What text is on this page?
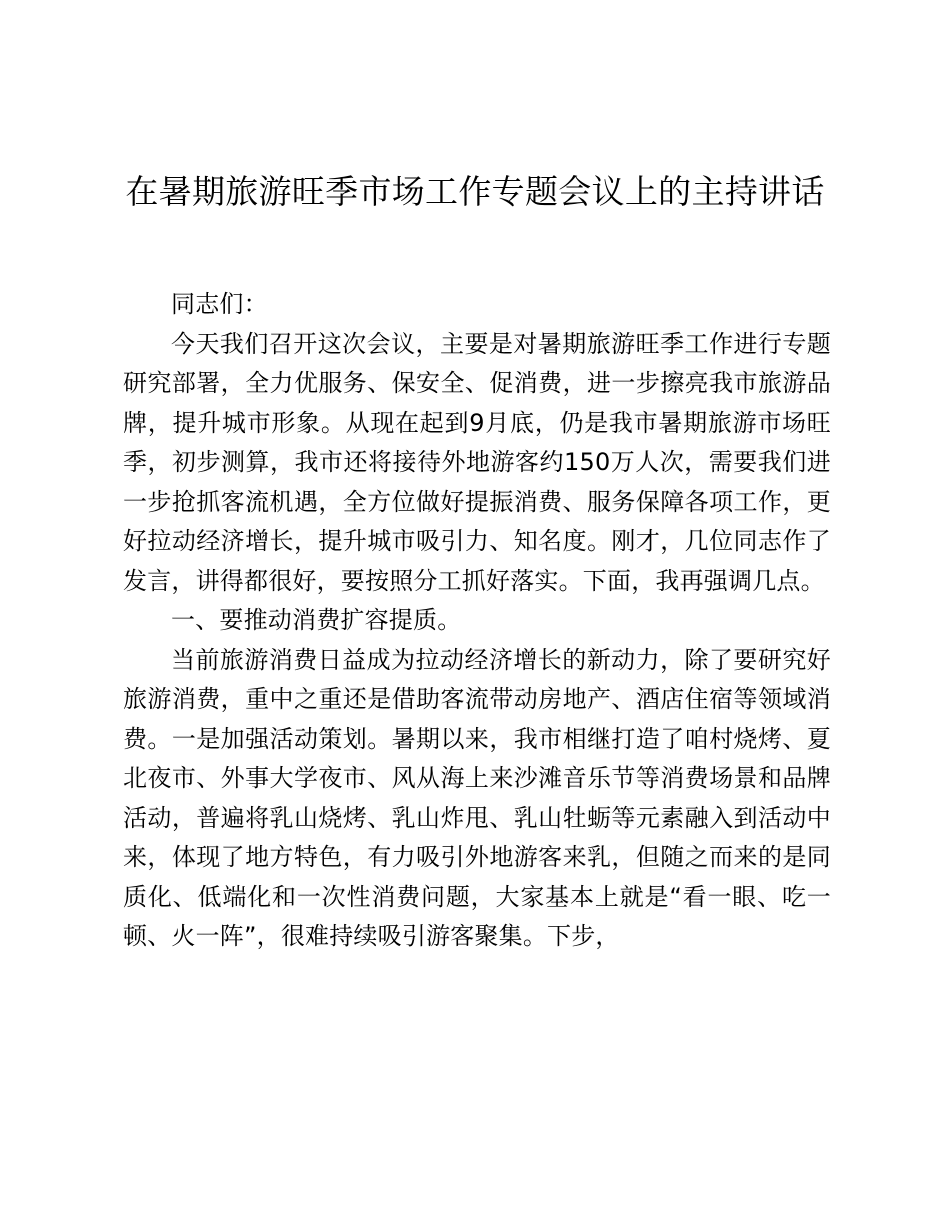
在暑期旅游旺季市场工作专题会议上的主持讲话

同志们：

今天我们召开这次会议，主要是对暑期旅游旺季工作进行专题研究部署，全力优服务、保安全、促消费，进一步擦亮我市旅游品牌，提升城市形象。从现在起到9月底，仍是我市暑期旅游市场旺季，初步测算，我市还将接待外地游客约150万人次，需要我们进一步抢抓客流机遇，全方位做好提振消费、服务保障各项工作，更好拉动经济增长，提升城市吸引力、知名度。刚才，几位同志作了发言，讲得都很好，要按照分工抓好落实。下面，我再强调几点。

一、要推动消费扩容提质。

当前旅游消费日益成为拉动经济增长的新动力，除了要研究好旅游消费，重中之重还是借助客流带动房地产、酒店住宿等领域消费。一是加强活动策划。暑期以来，我市相继打造了咱村烧烤、夏北夜市、外事大学夜市、风从海上来沙滩音乐节等消费场景和品牌活动，普遍将乳山烧烤、乳山炸甩、乳山牡蛎等元素融入到活动中来，体现了地方特色，有力吸引外地游客来乳，但随之而来的是同质化、低端化和一次性消费问题，大家基本上就是“看一眼、吃一顿、火一阵”，很难持续吸引游客聚集。下步，
